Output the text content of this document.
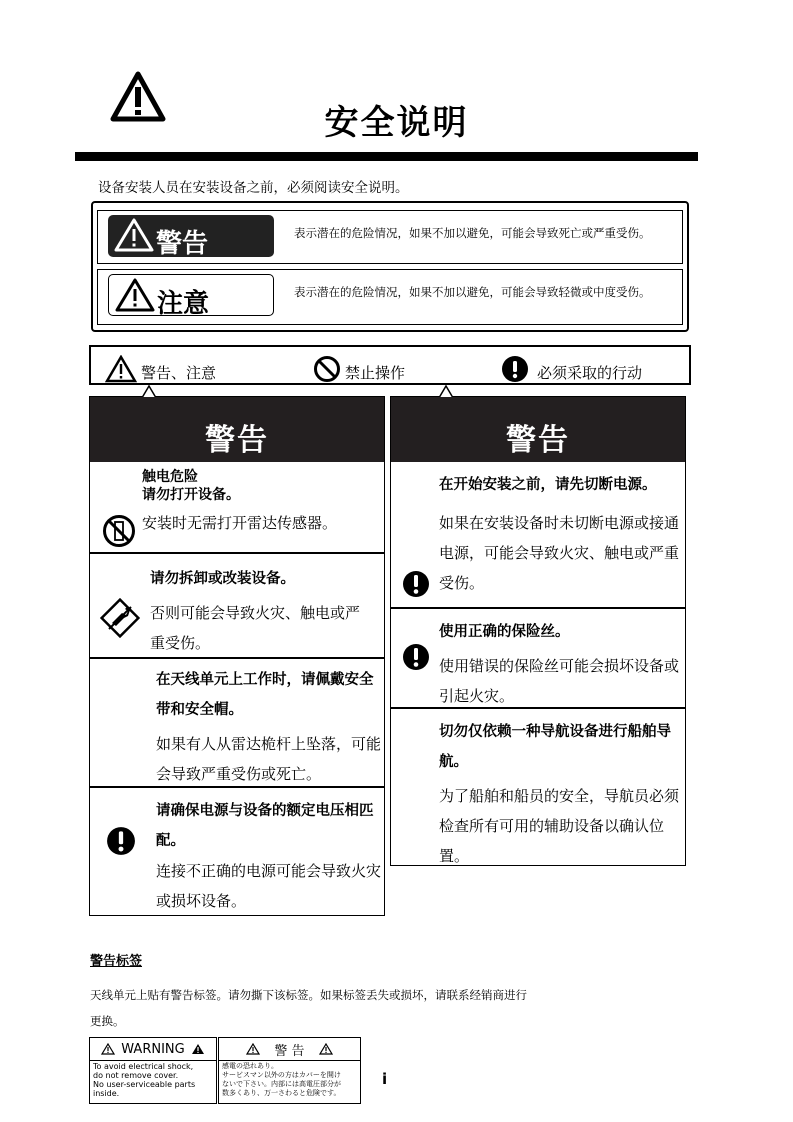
安全说明
设备安装人员在安装设备之前，必须阅读安全说明。
警告	表示潜在的危险情况，如果不加以避免，可能会导致死亡或严重受伤。
注意	表示潜在的危险情况，如果不加以避免，可能会导致轻微或中度受伤。
警告、注意	禁止操作	必须采取的行动
警告
触电危险
请勿打开设备。
安装时无需打开雷达传感器。
请勿拆卸或改装设备。
否则可能会导致火灾、触电或严重受伤。
在天线单元上工作时，请佩戴安全带和安全帽。
如果有人从雷达桅杆上坠落，可能会导致严重受伤或死亡。
请确保电源与设备的额定电压相匹配。
连接不正确的电源可能会导致火灾或损坏设备。
警告
在开始安装之前，请先切断电源。
如果在安装设备时未切断电源或接通电源，可能会导致火灾、触电或严重受伤。
使用正确的保险丝。
使用错误的保险丝可能会损坏设备或引起火灾。
切勿仅依赖一种导航设备进行船舶导航。
为了船舶和船员的安全，导航员必须检查所有可用的辅助设备以确认位置。
警告标签
天线单元上贴有警告标签。请勿撕下该标签。如果标签丢失或损坏，请联系经销商进行更换。
WARNING
To avoid electrical shock,
do not remove cover.
No user-serviceable parts
inside.
警 告
感電の恐れあり。
サービスマン以外の方はカバーを開け
ないで下さい。内部には高電圧部分が
数多くあり、万一さわると危険です。
i
